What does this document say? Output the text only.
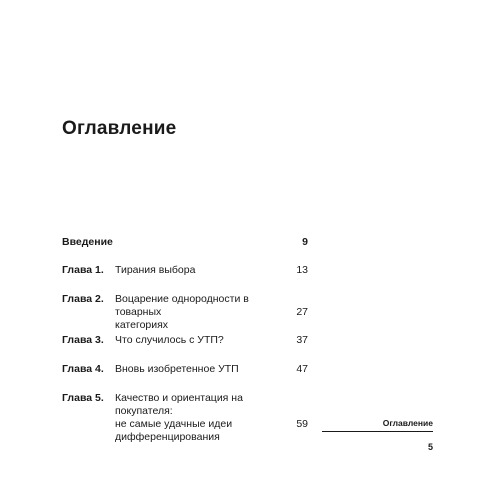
Оглавление
Введение	9
Глава 1. Тирания выбора	13
Глава 2. Воцарение однородности в товарных
категориях
27
Глава 3. Что случилось с УТП?	37
Глава 4. Вновь изобретенное УТП	47
Глава 5. Качество и ориентация на покупателя:
не самые удачные идеи
дифференцирования
59	Оглавление
5
